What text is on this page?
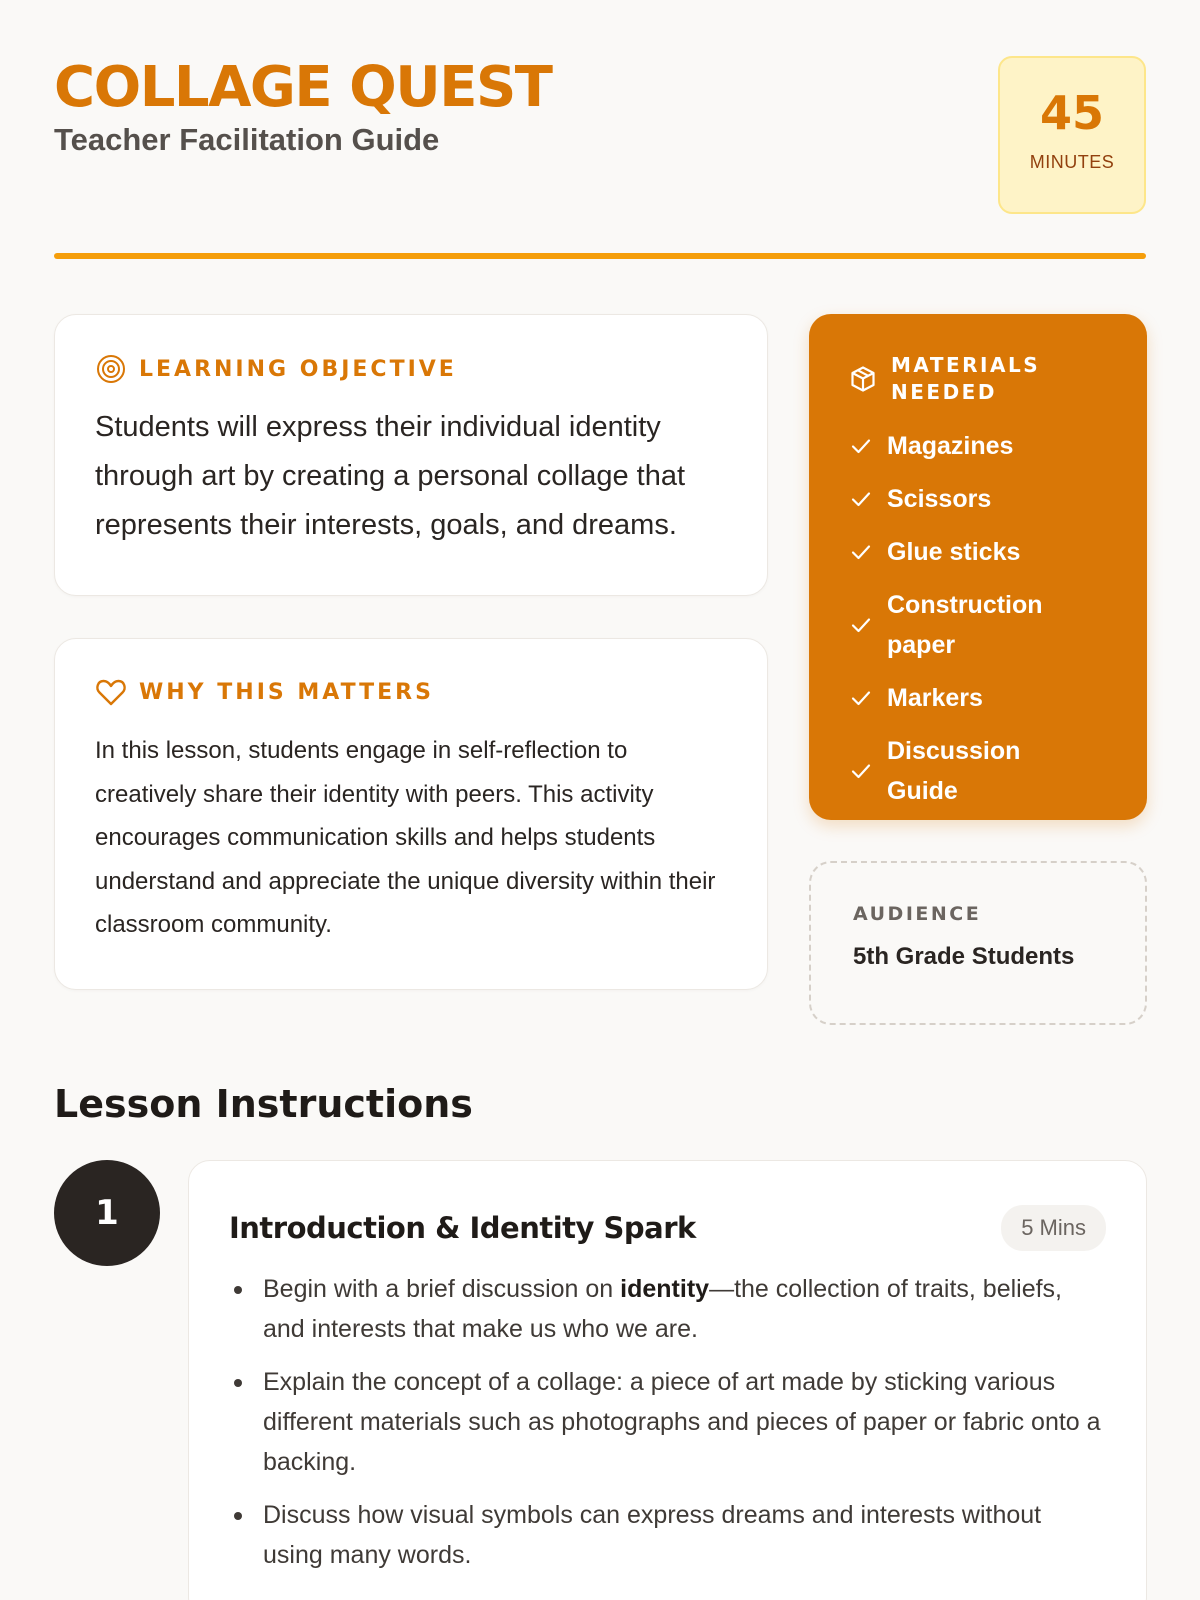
COLLAGE QUEST
Teacher Facilitation Guide	45
MINUTES
LEARNING OBJECTIVE

Students will express their individual identity through art by creating a personal collage that represents their interests, goals, and dreams.

WHY THIS MATTERS

In this lesson, students engage in self-reflection to creatively share their identity with peers. This activity encourages communication skills and helps students understand and appreciate the unique diversity within their classroom community.

MATERIALS NEEDED
Magazines
Scissors
Glue sticks
Construction paper
Markers
Discussion Guide
AUDIENCE
5th Grade Students
Lesson Instructions
1	Introduction & Identity Spark	5 Mins
Begin with a brief discussion on identity—the collection of traits, beliefs, and interests that make us who we are.
Explain the concept of a collage: a piece of art made by sticking various different materials such as photographs and pieces of paper or fabric onto a backing.
Discuss how visual symbols can express dreams and interests without using many words.
